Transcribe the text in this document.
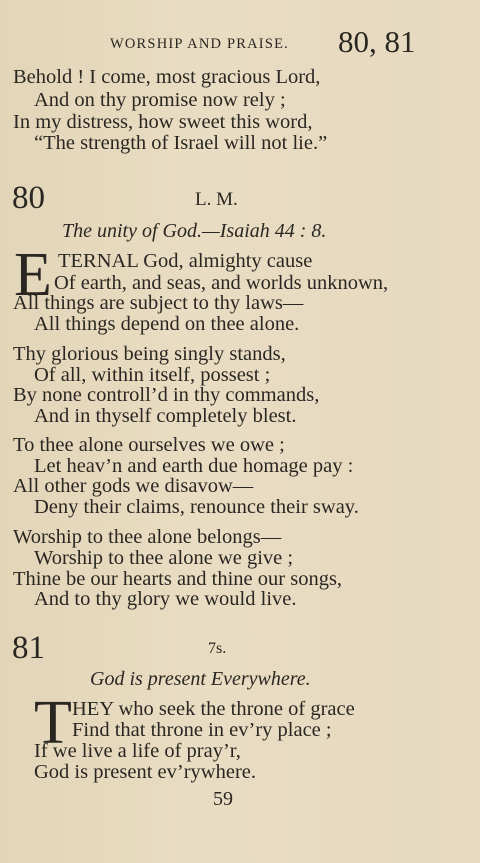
WORSHIP AND PRAISE. 80, 81
Behold ! I come, most gracious Lord,
And on thy promise now rely ;
In my distress, how sweet this word,
“The strength of Israel will not lie.”
80	L. M.
The unity of God.—Isaiah 44 : 8.
E TERNAL God, almighty cause
Of earth, and seas, and worlds unknown,
All things are subject to thy laws—
All things depend on thee alone.
Thy glorious being singly stands,
Of all, within itself, possest ;
By none controll’d in thy commands,
And in thyself completely blest.
To thee alone ourselves we owe ;
Let heav’n and earth due homage pay :
All other gods we disavow—
Deny their claims, renounce their sway.
Worship to thee alone belongs—
Worship to thee alone we give ;
Thine be our hearts and thine our songs,
And to thy glory we would live.
81	7s.
God is present Everywhere.
T HEY who seek the throne of grace
Find that throne in ev’ry place ;
If we live a life of pray’r,
God is present ev’rywhere.
59
